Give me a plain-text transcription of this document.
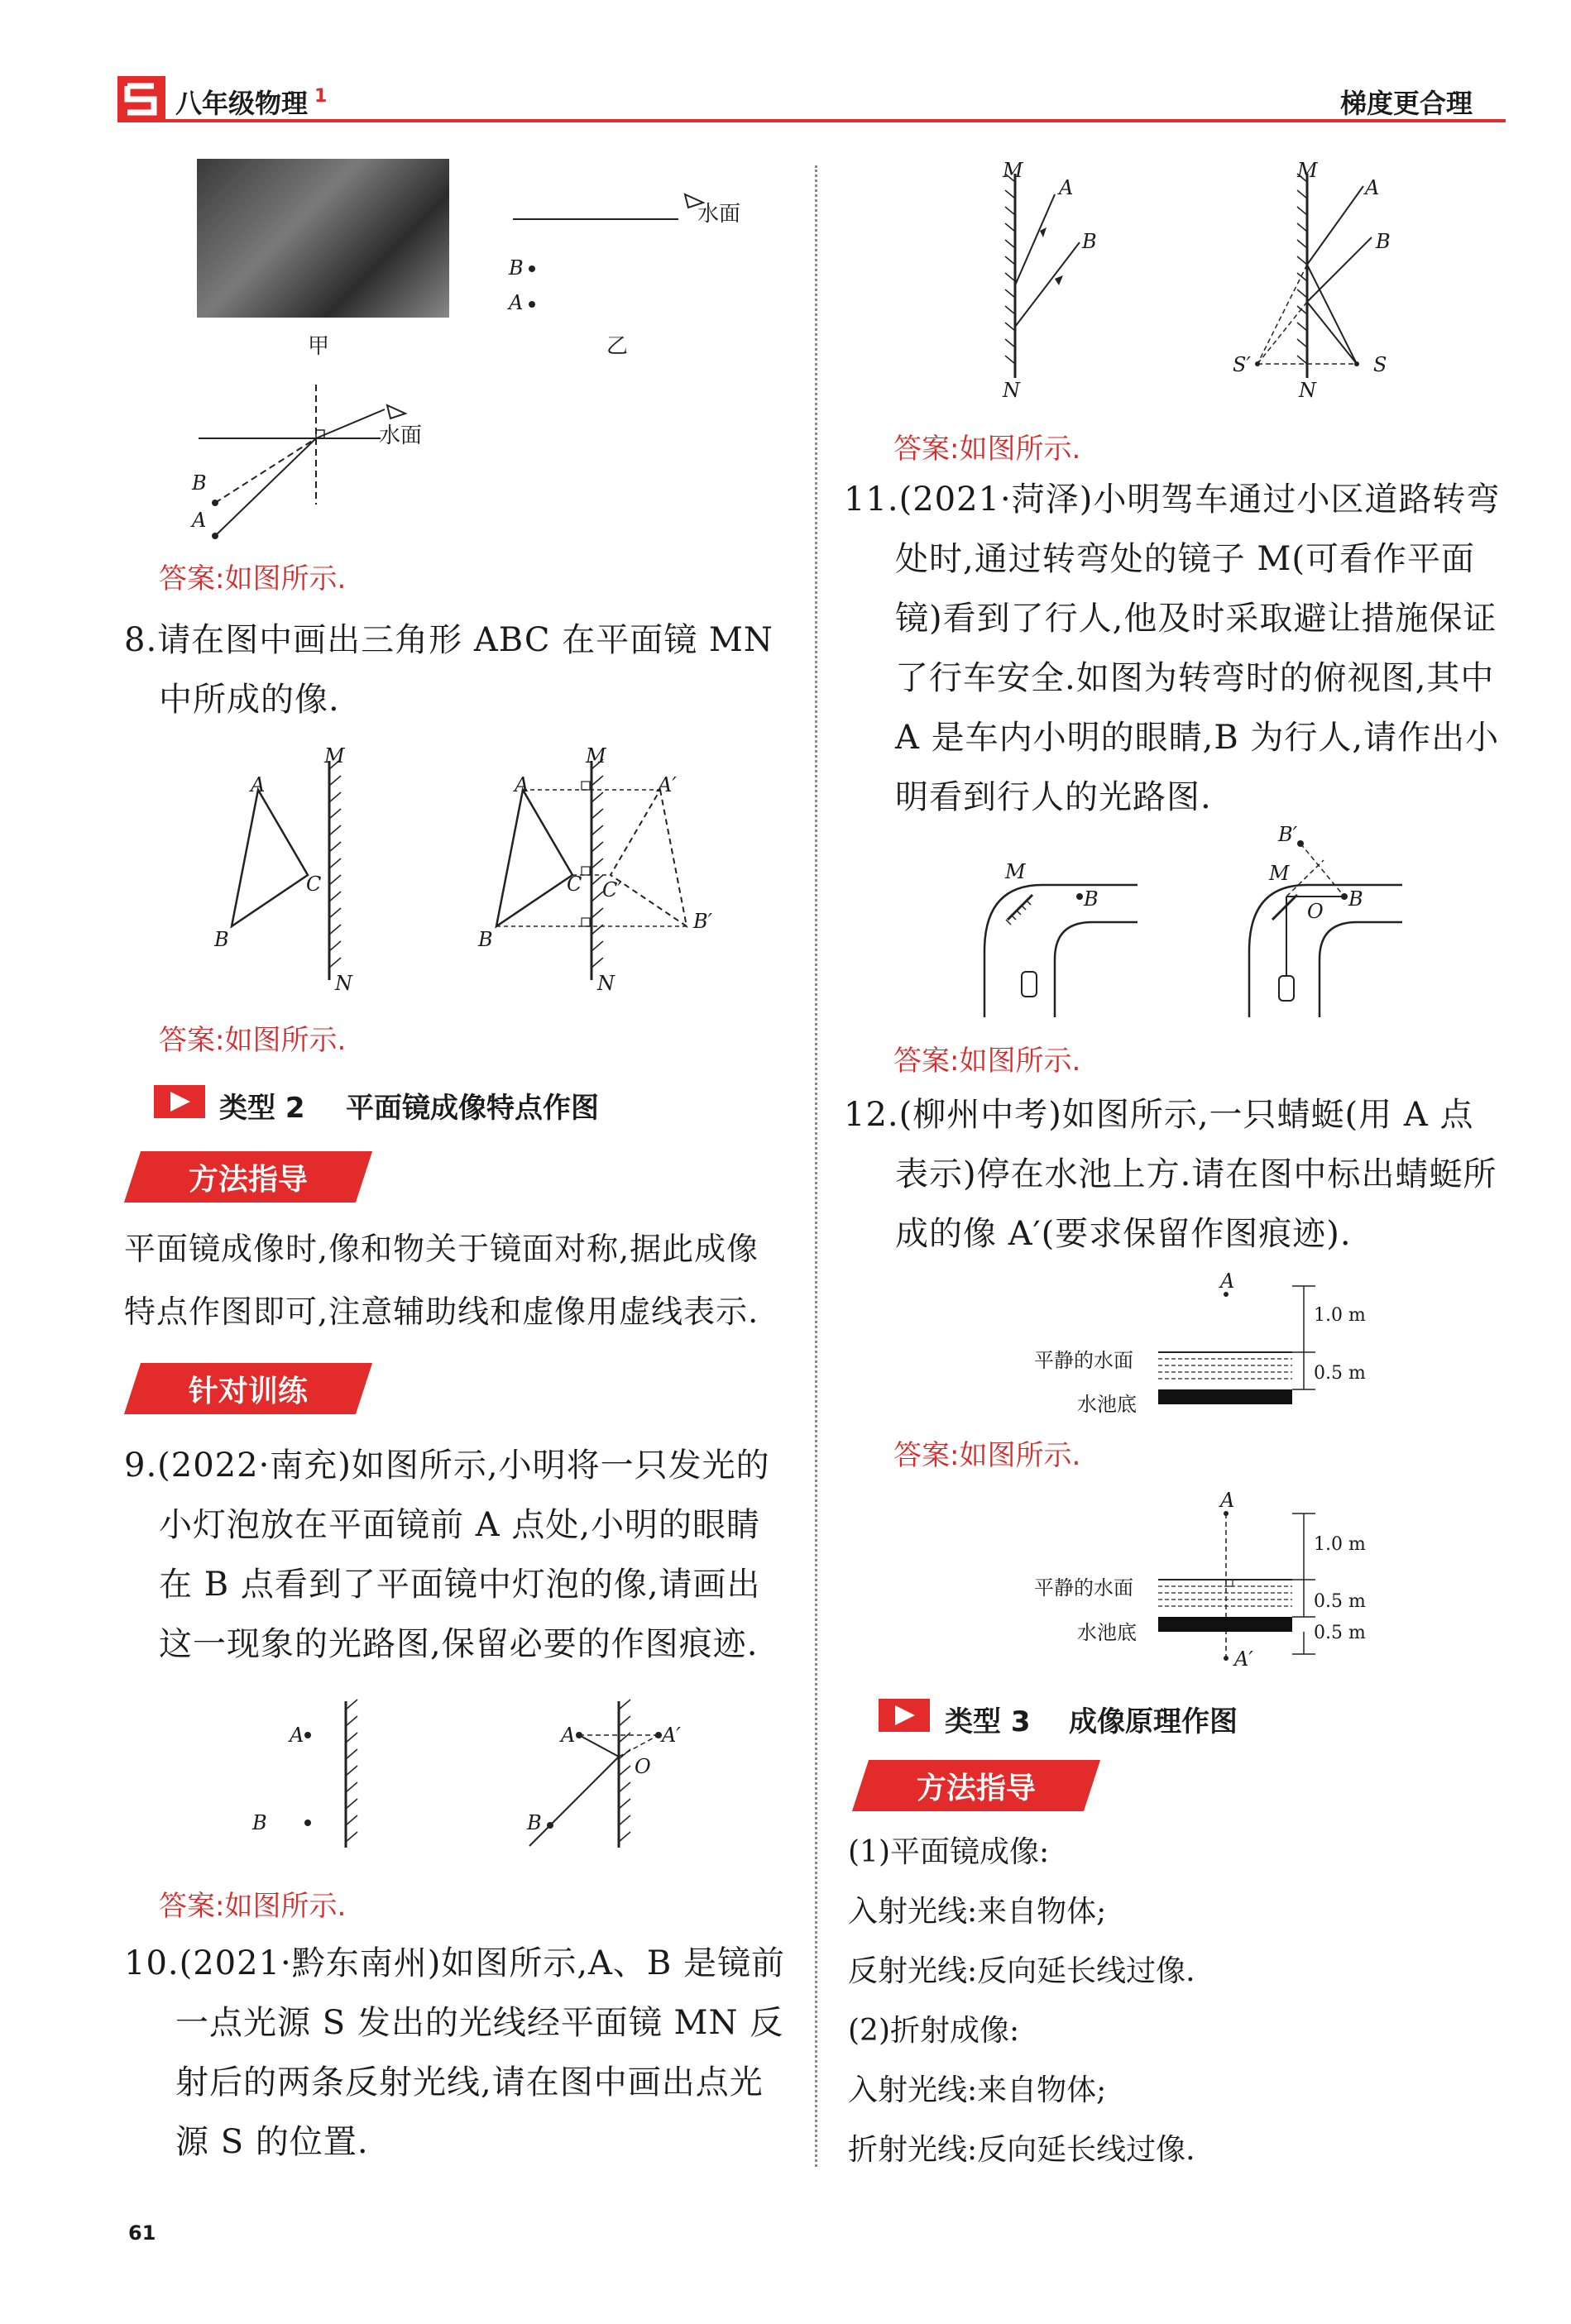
八年级物理 1	梯度更合理
甲
水面
B
A
乙
水面
B
A
答案:如图所示.
8.请在图中画出三角形 ABC 在平面镜 MN
中所成的像.
A
B
C
M
N
A
B
C
M
N
A′
B′
C′
答案:如图所示.
类型 2 平面镜成像特点作图
方法指导
平面镜成像时,像和物关于镜面对称,据此成像
特点作图即可,注意辅助线和虚像用虚线表示.
针对训练
9.(2022·南充)如图所示,小明将一只发光的
小灯泡放在平面镜前 A 点处,小明的眼睛
在 B 点看到了平面镜中灯泡的像,请画出
这一现象的光路图,保留必要的作图痕迹.
A
B
A	A′
O
B
答案:如图所示.
10.(2021·黔东南州)如图所示,A、B 是镜前
一点光源 S 发出的光线经平面镜 MN 反
射后的两条反射光线,请在图中画出点光
源 S 的位置.
61
M
N
A
B
M
N
A
B
S′	S
答案:如图所示.
11.(2021·菏泽)小明驾车通过小区道路转弯
处时,通过转弯处的镜子 M(可看作平面
镜)看到了行人,他及时采取避让措施保证
了行车安全.如图为转弯时的俯视图,其中
A 是车内小明的眼睛,B 为行人,请作出小
明看到行人的光路图.
M
B
B′
M
O
B
答案:如图所示.
12.(柳州中考)如图所示,一只蜻蜓(用 A 点
表示)停在水池上方.请在图中标出蜻蜓所
成的像 A′(要求保留作图痕迹).
A
1.0 m
0.5 m
平静的水面
水池底
答案:如图所示.
A
A′
1.0 m
0.5 m
0.5 m
平静的水面
水池底
类型 3 成像原理作图
方法指导
(1)平面镜成像:
入射光线:来自物体;
反射光线:反向延长线过像.
(2)折射成像:
入射光线:来自物体;
折射光线:反向延长线过像.
